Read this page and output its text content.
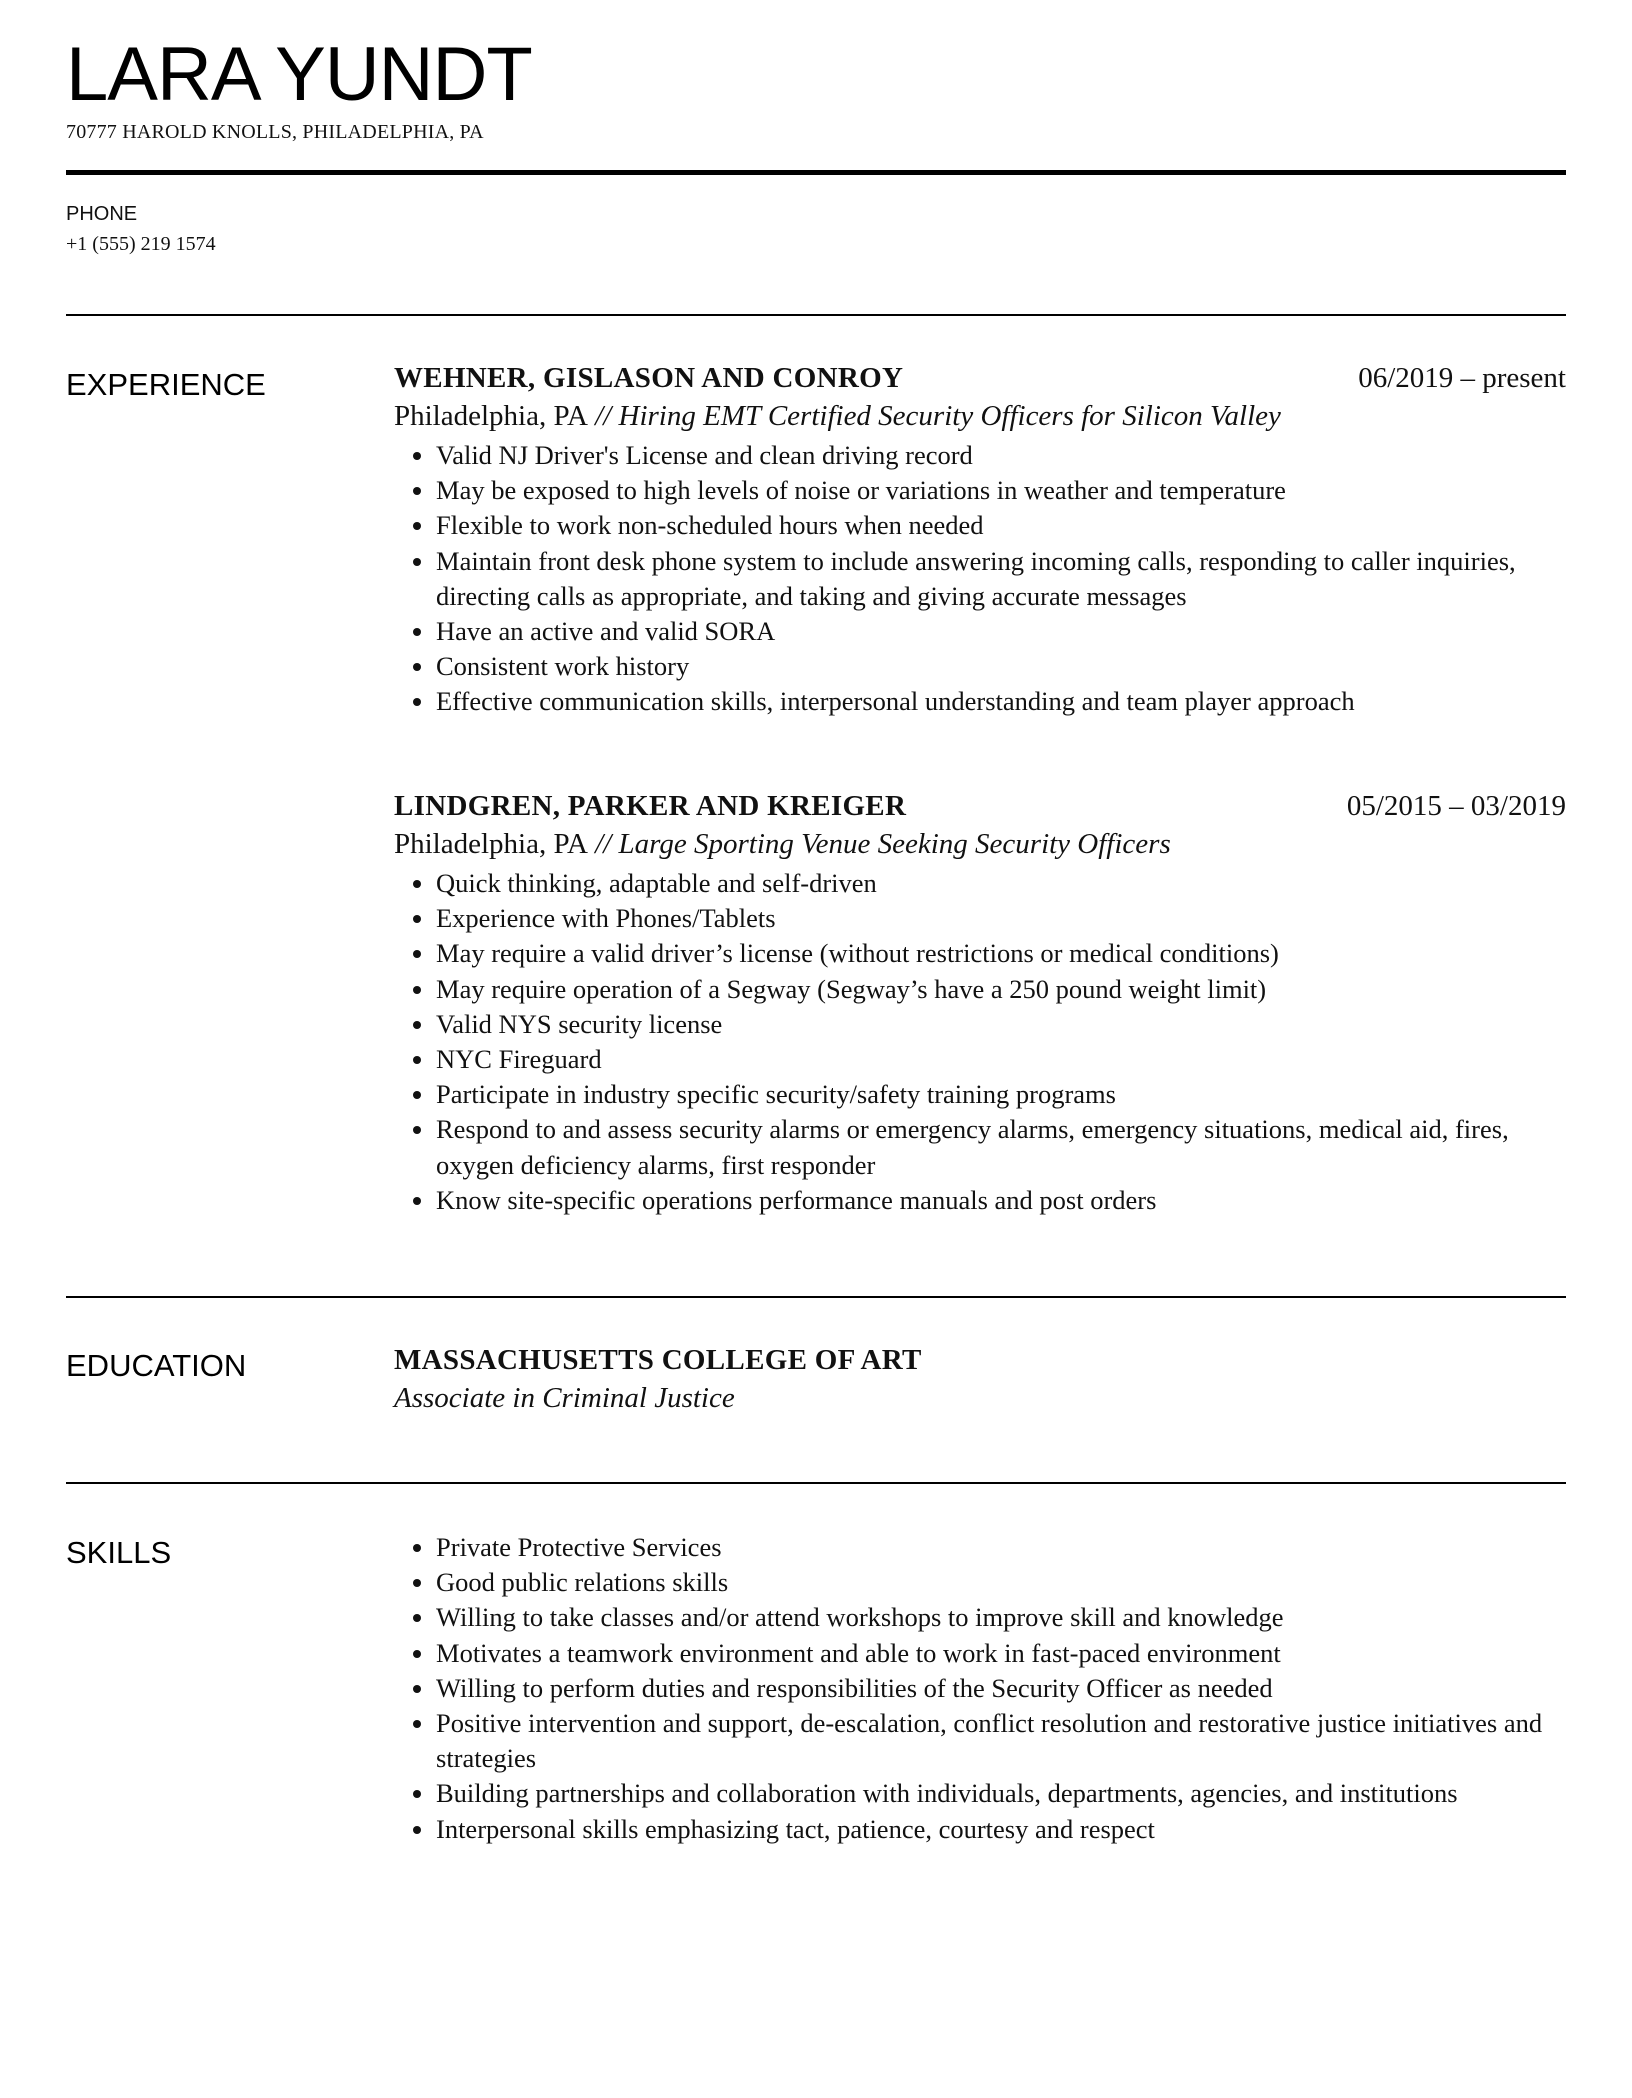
LARA YUNDT
70777 HAROLD KNOLLS, PHILADELPHIA, PA
PHONE
+1 (555) 219 1574
EXPERIENCE	WEHNER, GISLASON AND CONROY	06/2019 – present
Philadelphia, PA // Hiring EMT Certified Security Officers for Silicon Valley
• Valid NJ Driver's License and clean driving record
• May be exposed to high levels of noise or variations in weather and temperature
• Flexible to work non-scheduled hours when needed
• Maintain front desk phone system to include answering incoming calls, responding to caller inquiries, directing calls as appropriate, and taking and giving accurate messages
• Have an active and valid SORA
• Consistent work history
• Effective communication skills, interpersonal understanding and team player approach
LINDGREN, PARKER AND KREIGER	05/2015 – 03/2019
Philadelphia, PA // Large Sporting Venue Seeking Security Officers
• Quick thinking, adaptable and self-driven
• Experience with Phones/Tablets
• May require a valid driver’s license (without restrictions or medical conditions)
• May require operation of a Segway (Segway’s have a 250 pound weight limit)
• Valid NYS security license
• NYC Fireguard
• Participate in industry specific security/safety training programs
• Respond to and assess security alarms or emergency alarms, emergency situations, medical aid, fires, oxygen deficiency alarms, first responder
• Know site-specific operations performance manuals and post orders
EDUCATION	MASSACHUSETTS COLLEGE OF ART
Associate in Criminal Justice
SKILLS
•	Private Protective Services
• Good public relations skills
• Willing to take classes and/or attend workshops to improve skill and knowledge
• Motivates a teamwork environment and able to work in fast-paced environment
• Willing to perform duties and responsibilities of the Security Officer as needed
• Positive intervention and support, de-escalation, conflict resolution and restorative justice initiatives and strategies
• Building partnerships and collaboration with individuals, departments, agencies, and institutions
• Interpersonal skills emphasizing tact, patience, courtesy and respect
